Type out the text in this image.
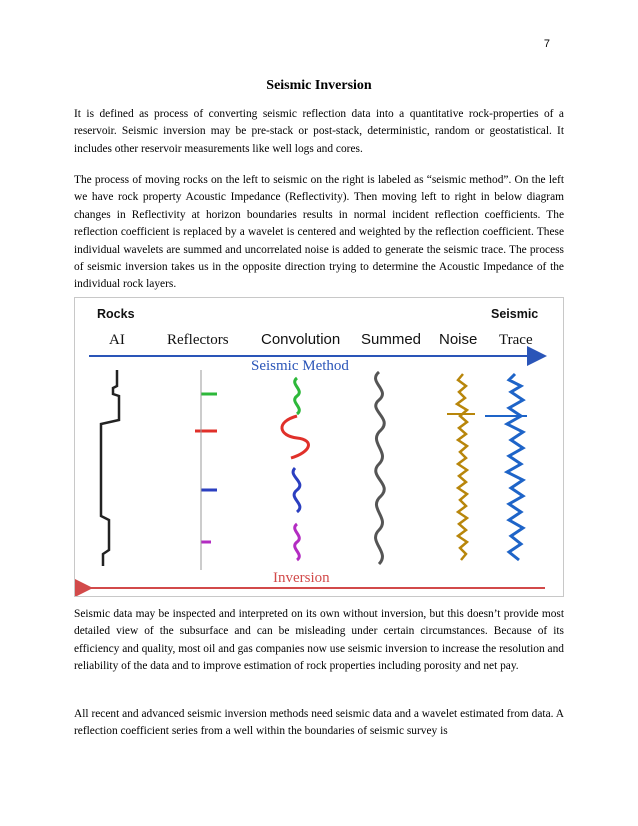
7
Seismic Inversion

It is defined as process of converting seismic reflection data into a quantitative rock-properties of a reservoir. Seismic inversion may be pre-stack or post-stack, deterministic, random or geostatistical. It includes other reservoir measurements like well logs and cores.

The process of moving rocks on the left to seismic on the right is labeled as “seismic method”. On the left we have rock property Acoustic Impedance (Reflectivity). Then moving left to right in below diagram changes in Reflectivity at horizon boundaries results in normal incident reflection coefficients. The reflection coefficient is replaced by a wavelet is centered and weighted by the reflection coefficient. These individual wavelets are summed and uncorrelated noise is added to generate the seismic trace. The process of seismic inversion takes us in the opposite direction trying to determine the Acoustic Impedance of the individual rock layers.

Rocks	Seismic
AI	Reflectors Convolution Summed Noise Trace
Seismic Method
Inversion

Seismic data may be inspected and interpreted on its own without inversion, but this doesn’t provide most detailed view of the subsurface and can be misleading under certain circumstances. Because of its efficiency and quality, most oil and gas companies now use seismic inversion to increase the resolution and reliability of the data and to improve estimation of rock properties including porosity and net pay.

All recent and advanced seismic inversion methods need seismic data and a wavelet estimated from data. A reflection coefficient series from a well within the boundaries of seismic survey is
